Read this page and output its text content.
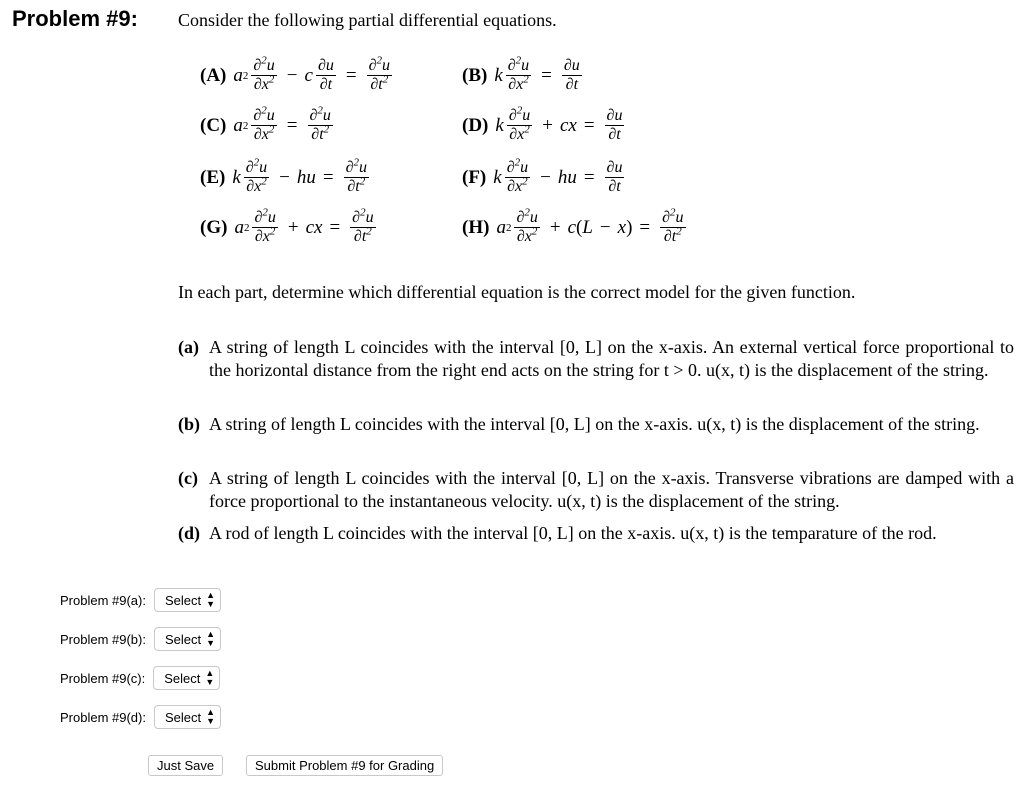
Problem #9: Consider the following partial differential equations.
(A) a $2 \frac{\partial^2u}{\partial x^2} - c \frac{\partial u}{\partial t} = \frac{\partial^2u}{\partial t^2}$	(B) k $\frac{\partial^2u}{\partial x^2} = \frac{\partial u}{\partial t}$
(C) a $2 \frac{\partial^2u}{\partial x^2} = \frac{\partial^2u}{\partial t^2}$	(D) k $\frac{\partial^2u}{\partial x^2}$ + cx = $\frac{\partial u}{\partial t}$
(E) k $\frac{\partial^2u}{\partial x^2}$ − hu = $\frac{\partial^2u}{\partial t^2}$	(F) k $\frac{\partial^2u}{\partial x^2}$ − hu = $\frac{\partial u}{\partial t}$
(G) a $2 \frac{\partial^2u}{\partial x^2}$ + cx = $\frac{\partial^2u}{\partial t^2}$	(H) a $2 \frac{\partial^2u}{\partial x^2} + c$ ( L − x ) = $\frac{\partial^2u}{\partial t^2}$
In each part, determine which differential equation is the correct model for the given function.
(a) A string of length L coincides with the interval [0, L] on the x-axis. An external vertical force proportional to the horizontal distance from the right end acts on the string for t > 0. u(x, t) is the displacement of the string.
(b) A string of length L coincides with the interval [0, L] on the x-axis. u(x, t) is the displacement of the string.
(c) A string of length L coincides with the interval [0, L] on the x-axis. Transverse vibrations are damped with a force proportional to the instantaneous velocity. u(x, t) is the displacement of the string.
(d) A rod of length L coincides with the interval [0, L] on the x-axis. u(x, t) is the temparature of the rod.
Problem #9(a): Select ▲
▼
Problem #9(b): Select ▲
▼
Problem #9(c): Select ▲
▼
Problem #9(d): Select ▲
▼
Just Save	Submit Problem #9 for Grading
